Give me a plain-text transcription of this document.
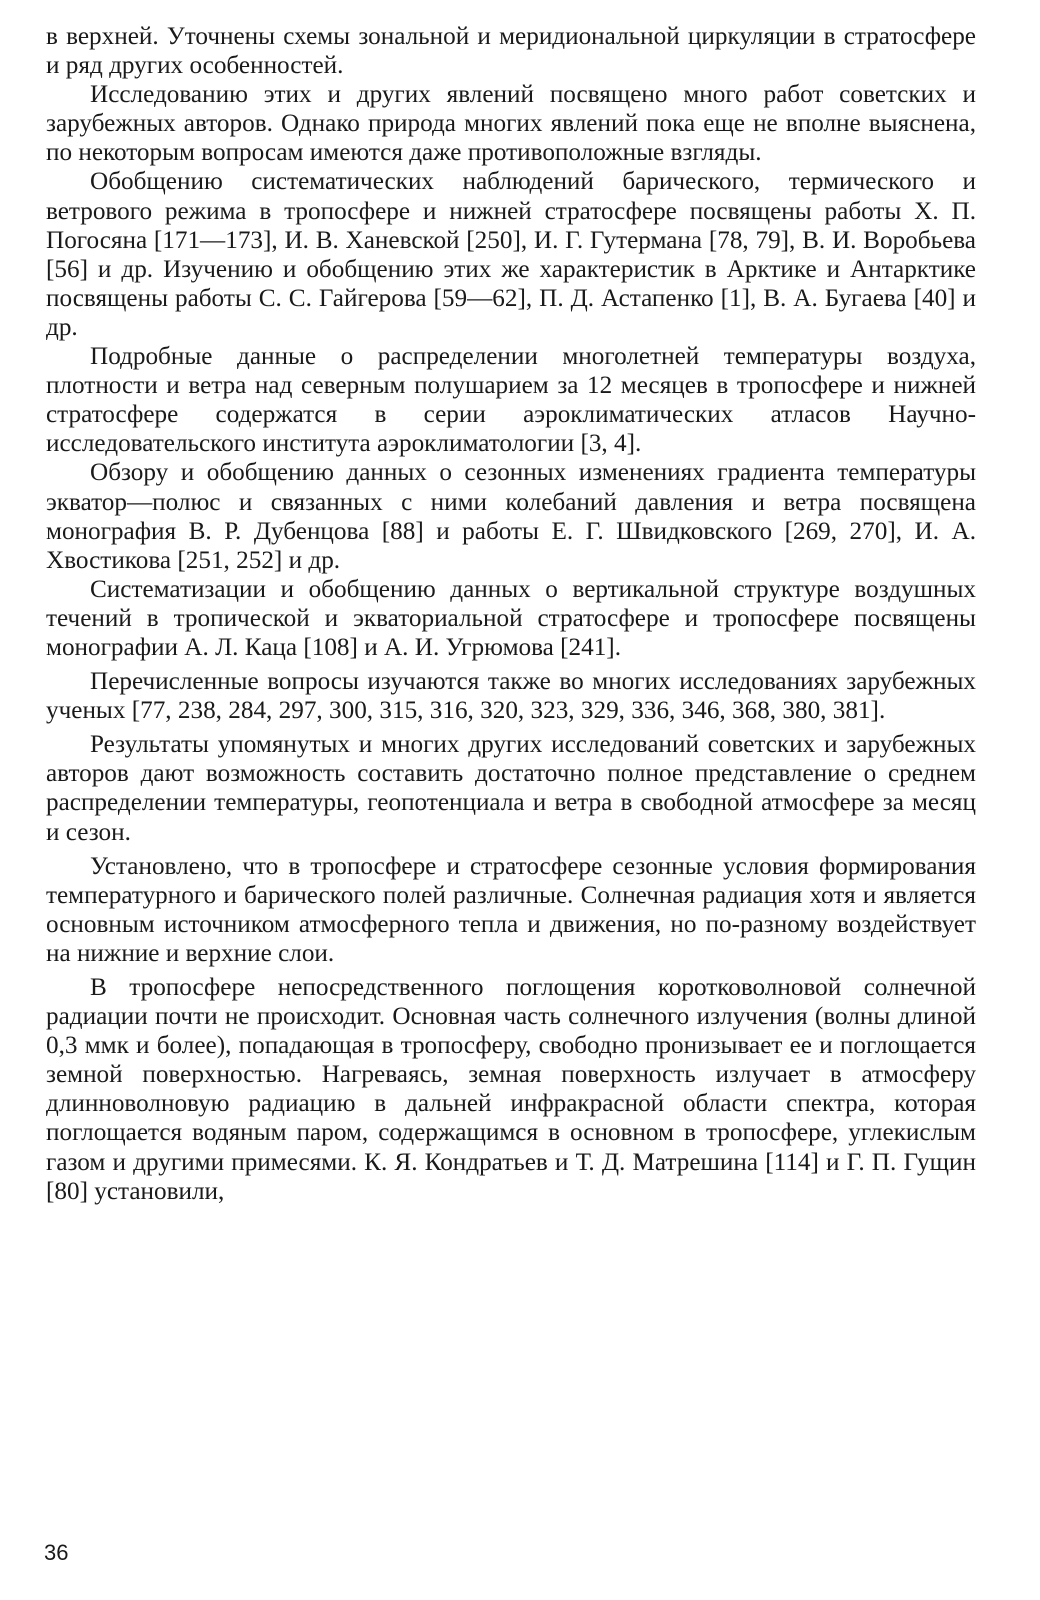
в верхней. Уточнены схемы зональной и меридиональной циркуляции в стратосфере и ряд других особенностей.

Исследованию этих и других явлений посвящено много работ советских и зарубежных авторов. Однако природа многих явлений пока еще не вполне выяснена, по некоторым вопросам имеются даже противоположные взгляды.

Обобщению систематических наблюдений барического, термического и ветрового режима в тропосфере и нижней стратосфере посвящены работы Х. П. Погосяна [171—173], И. В. Ханевской [250], И. Г. Гутермана [78, 79], В. И. Воробьева [56] и др. Изучению и обобщению этих же характеристик в Арктике и Антарктике посвящены работы С. С. Гайгерова [59—62], П. Д. Астапенко [1], В. А. Бугаева [40] и др.

Подробные данные о распределении многолетней температуры воздуха, плотности и ветра над северным полушарием за 12 месяцев в тропосфере и нижней стратосфере содержатся в серии аэроклиматических атласов Научно-исследовательского института аэроклиматологии [3, 4].

Обзору и обобщению данных о сезонных изменениях градиента температуры экватор—полюс и связанных с ними колебаний давления и ветра посвящена монография В. Р. Дубенцова [88] и работы Е. Г. Швидковского [269, 270], И. А. Хвостикова [251, 252] и др.

Систематизации и обобщению данных о вертикальной структуре воздушных течений в тропической и экваториальной стратосфере и тропосфере посвящены монографии А. Л. Каца [108] и А. И. Угрюмова [241].

Перечисленные вопросы изучаются также во многих исследованиях зарубежных ученых [77, 238, 284, 297, 300, 315, 316, 320, 323, 329, 336, 346, 368, 380, 381].

Результаты упомянутых и многих других исследований советских и зарубежных авторов дают возможность составить достаточно полное представление о среднем распределении температуры, геопотенциала и ветра в свободной атмосфере за месяц и сезон.

Установлено, что в тропосфере и стратосфере сезонные условия формирования температурного и барического полей различные. Солнечная радиация хотя и является основным источником атмосферного тепла и движения, но по-разному воздействует на нижние и верхние слои.

В тропосфере непосредственного поглощения коротковолновой солнечной радиации почти не происходит. Основная часть солнечного излучения (волны длиной 0,3 ммк и более), попадающая в тропосферу, свободно пронизывает ее и поглощается земной поверхностью. Нагреваясь, земная поверхность излучает в атмосферу длинноволновую радиацию в дальней инфракрасной области спектра, которая поглощается водяным паром, содержащимся в основном в тропосфере, углекислым газом и другими примесями. К. Я. Кондратьев и Т. Д. Матрешина [114] и Г. П. Гущин [80] установили,

36
